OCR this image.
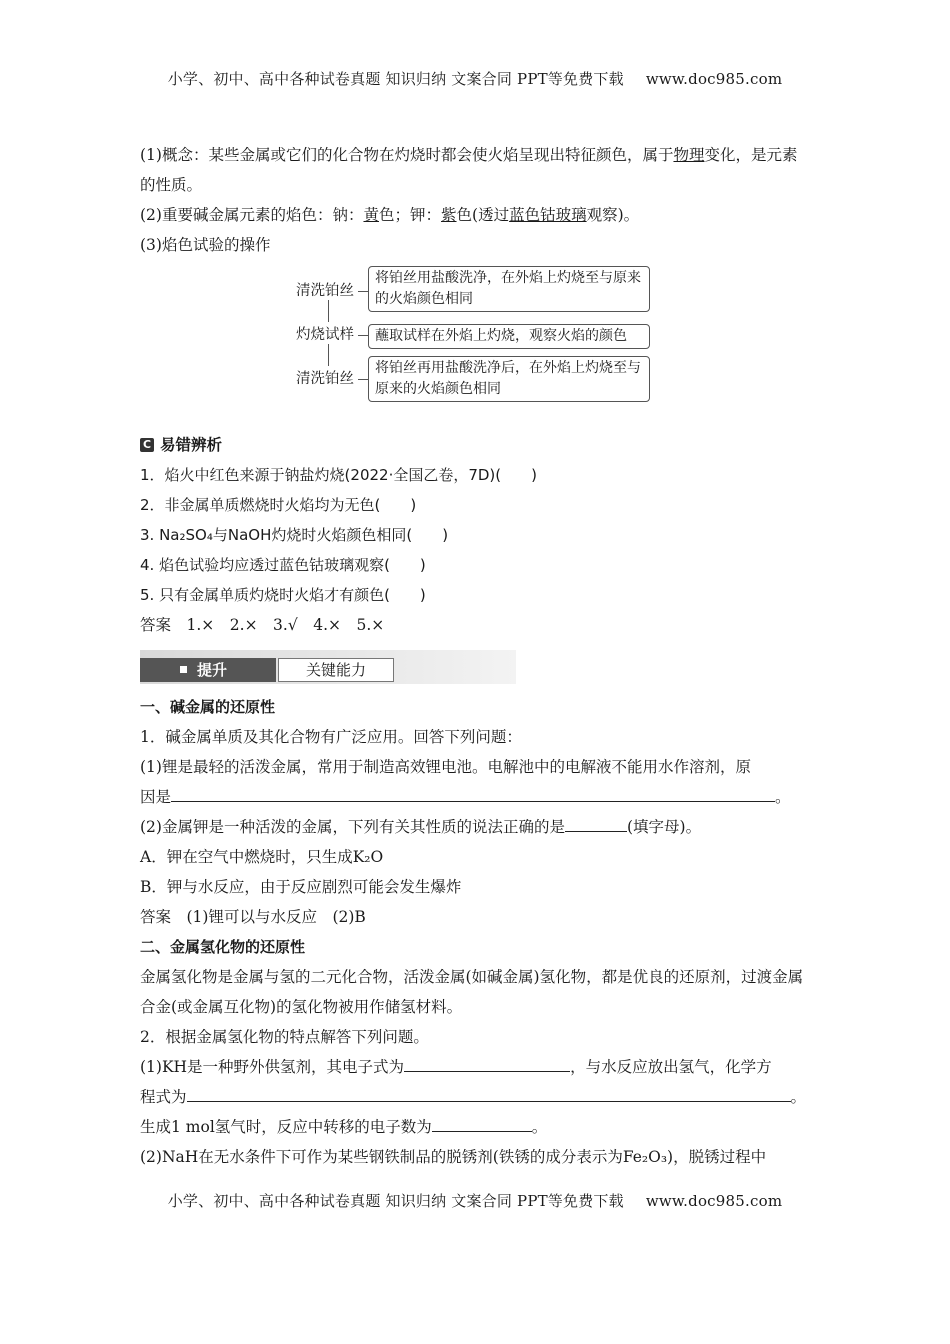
小学、初中、高中各种试卷真题 知识归纳 文案合同 PPT等免费下载 www.doc985.com

(1)概念：某些金属或它们的化合物在灼烧时都会使火焰呈现出特征颜色，属于物理变化，是元素的性质。

(2)重要碱金属元素的焰色：钠：黄色；钾：紫色(透过蓝色钴玻璃观察)。

(3)焰色试验的操作

清洗铂丝
将铂丝用盐酸洗净，在外焰上灼烧至与原来的火焰颜色相同
灼烧试样	蘸取试样在外焰上灼烧，观察火焰的颜色
清洗铂丝
将铂丝再用盐酸洗净后，在外焰上灼烧至与原来的火焰颜色相同
C 易错辨析

1．焰火中红色来源于钠盐灼烧(2022·全国乙卷，7D)(　　)

2．非金属单质燃烧时火焰均为无色(　　)

3. Na₂SO₄与NaOH灼烧时火焰颜色相同(　　)

4. 焰色试验均应透过蓝色钴玻璃观察(　　)

5. 只有金属单质灼烧时火焰才有颜色(　　)

答案　1.×　2.×　3.√　4.×　5.×

提升	关键能力

一、碱金属的还原性

1．碱金属单质及其化合物有广泛应用。回答下列问题：

(1)锂是最轻的活泼金属，常用于制造高效锂电池。电解池中的电解液不能用水作溶剂，原
因是	。

(2)金属钾是一种活泼的金属，下列有关其性质的说法正确的是	(填字母)。

A．钾在空气中燃烧时，只生成K₂O

B．钾与水反应，由于反应剧烈可能会发生爆炸

答案　(1)锂可以与水反应　(2)B

二、金属氢化物的还原性

金属氢化物是金属与氢的二元化合物，活泼金属(如碱金属)氢化物，都是优良的还原剂，过渡金属合金(或金属互化物)的氢化物被用作储氢材料。

2．根据金属氢化物的特点解答下列问题。

(1)KH是一种野外供氢剂，其电子式为	，与水反应放出氢气，化学方
程式为	。
生成1 mol氢气时，反应中转移的电子数为	。

(2)NaH在无水条件下可作为某些钢铁制品的脱锈剂(铁锈的成分表示为Fe₂O₃)，脱锈过程中

小学、初中、高中各种试卷真题 知识归纳 文案合同 PPT等免费下载 www.doc985.com
